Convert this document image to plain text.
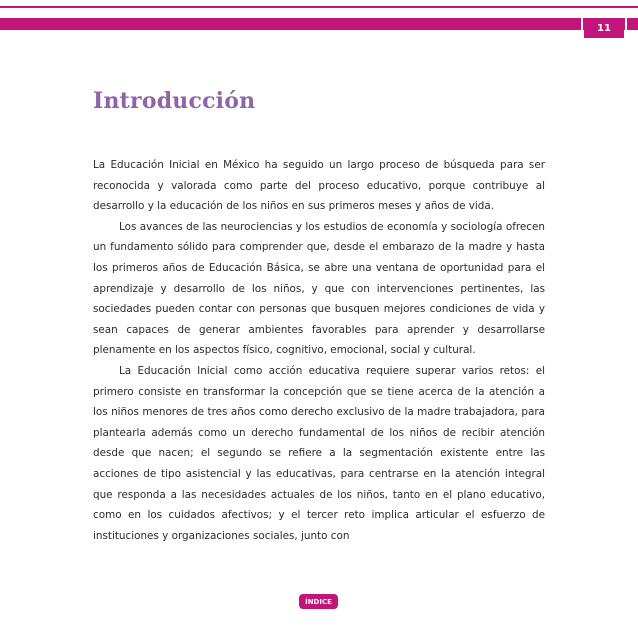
11
Introducción

La Educación Inicial en México ha seguido un largo proceso de búsqueda para ser reconocida y valorada como parte del proceso educativo, porque contribuye al desarrollo y la educación de los niños en sus primeros meses y años de vida.

Los avances de las neurociencias y los estudios de economía y sociología ofrecen un fundamento sólido para comprender que, desde el embarazo de la madre y hasta los primeros años de Educación Básica, se abre una ventana de oportunidad para el aprendizaje y desarrollo de los niños, y que con intervenciones pertinentes, las sociedades pueden contar con personas que busquen mejores condiciones de vida y sean capaces de generar ambientes favorables para aprender y desarrollarse plenamente en los aspectos físico, cognitivo, emocional, social y cultural.

La Educación Inicial como acción educativa requiere superar varios retos: el primero consiste en transformar la concepción que se tiene acerca de la atención a los niños menores de tres años como derecho exclusivo de la madre trabajadora, para plantearla además como un derecho fundamental de los niños de recibir atención desde que nacen; el segundo se refiere a la segmentación existente entre las acciones de tipo asistencial y las educativas, para centrarse en la atención integral que responda a las necesidades actuales de los niños, tanto en el plano educativo, como en los cuidados afectivos; y el tercer reto implica articular el esfuerzo de instituciones y organizaciones sociales, junto con

ÍNDICE
